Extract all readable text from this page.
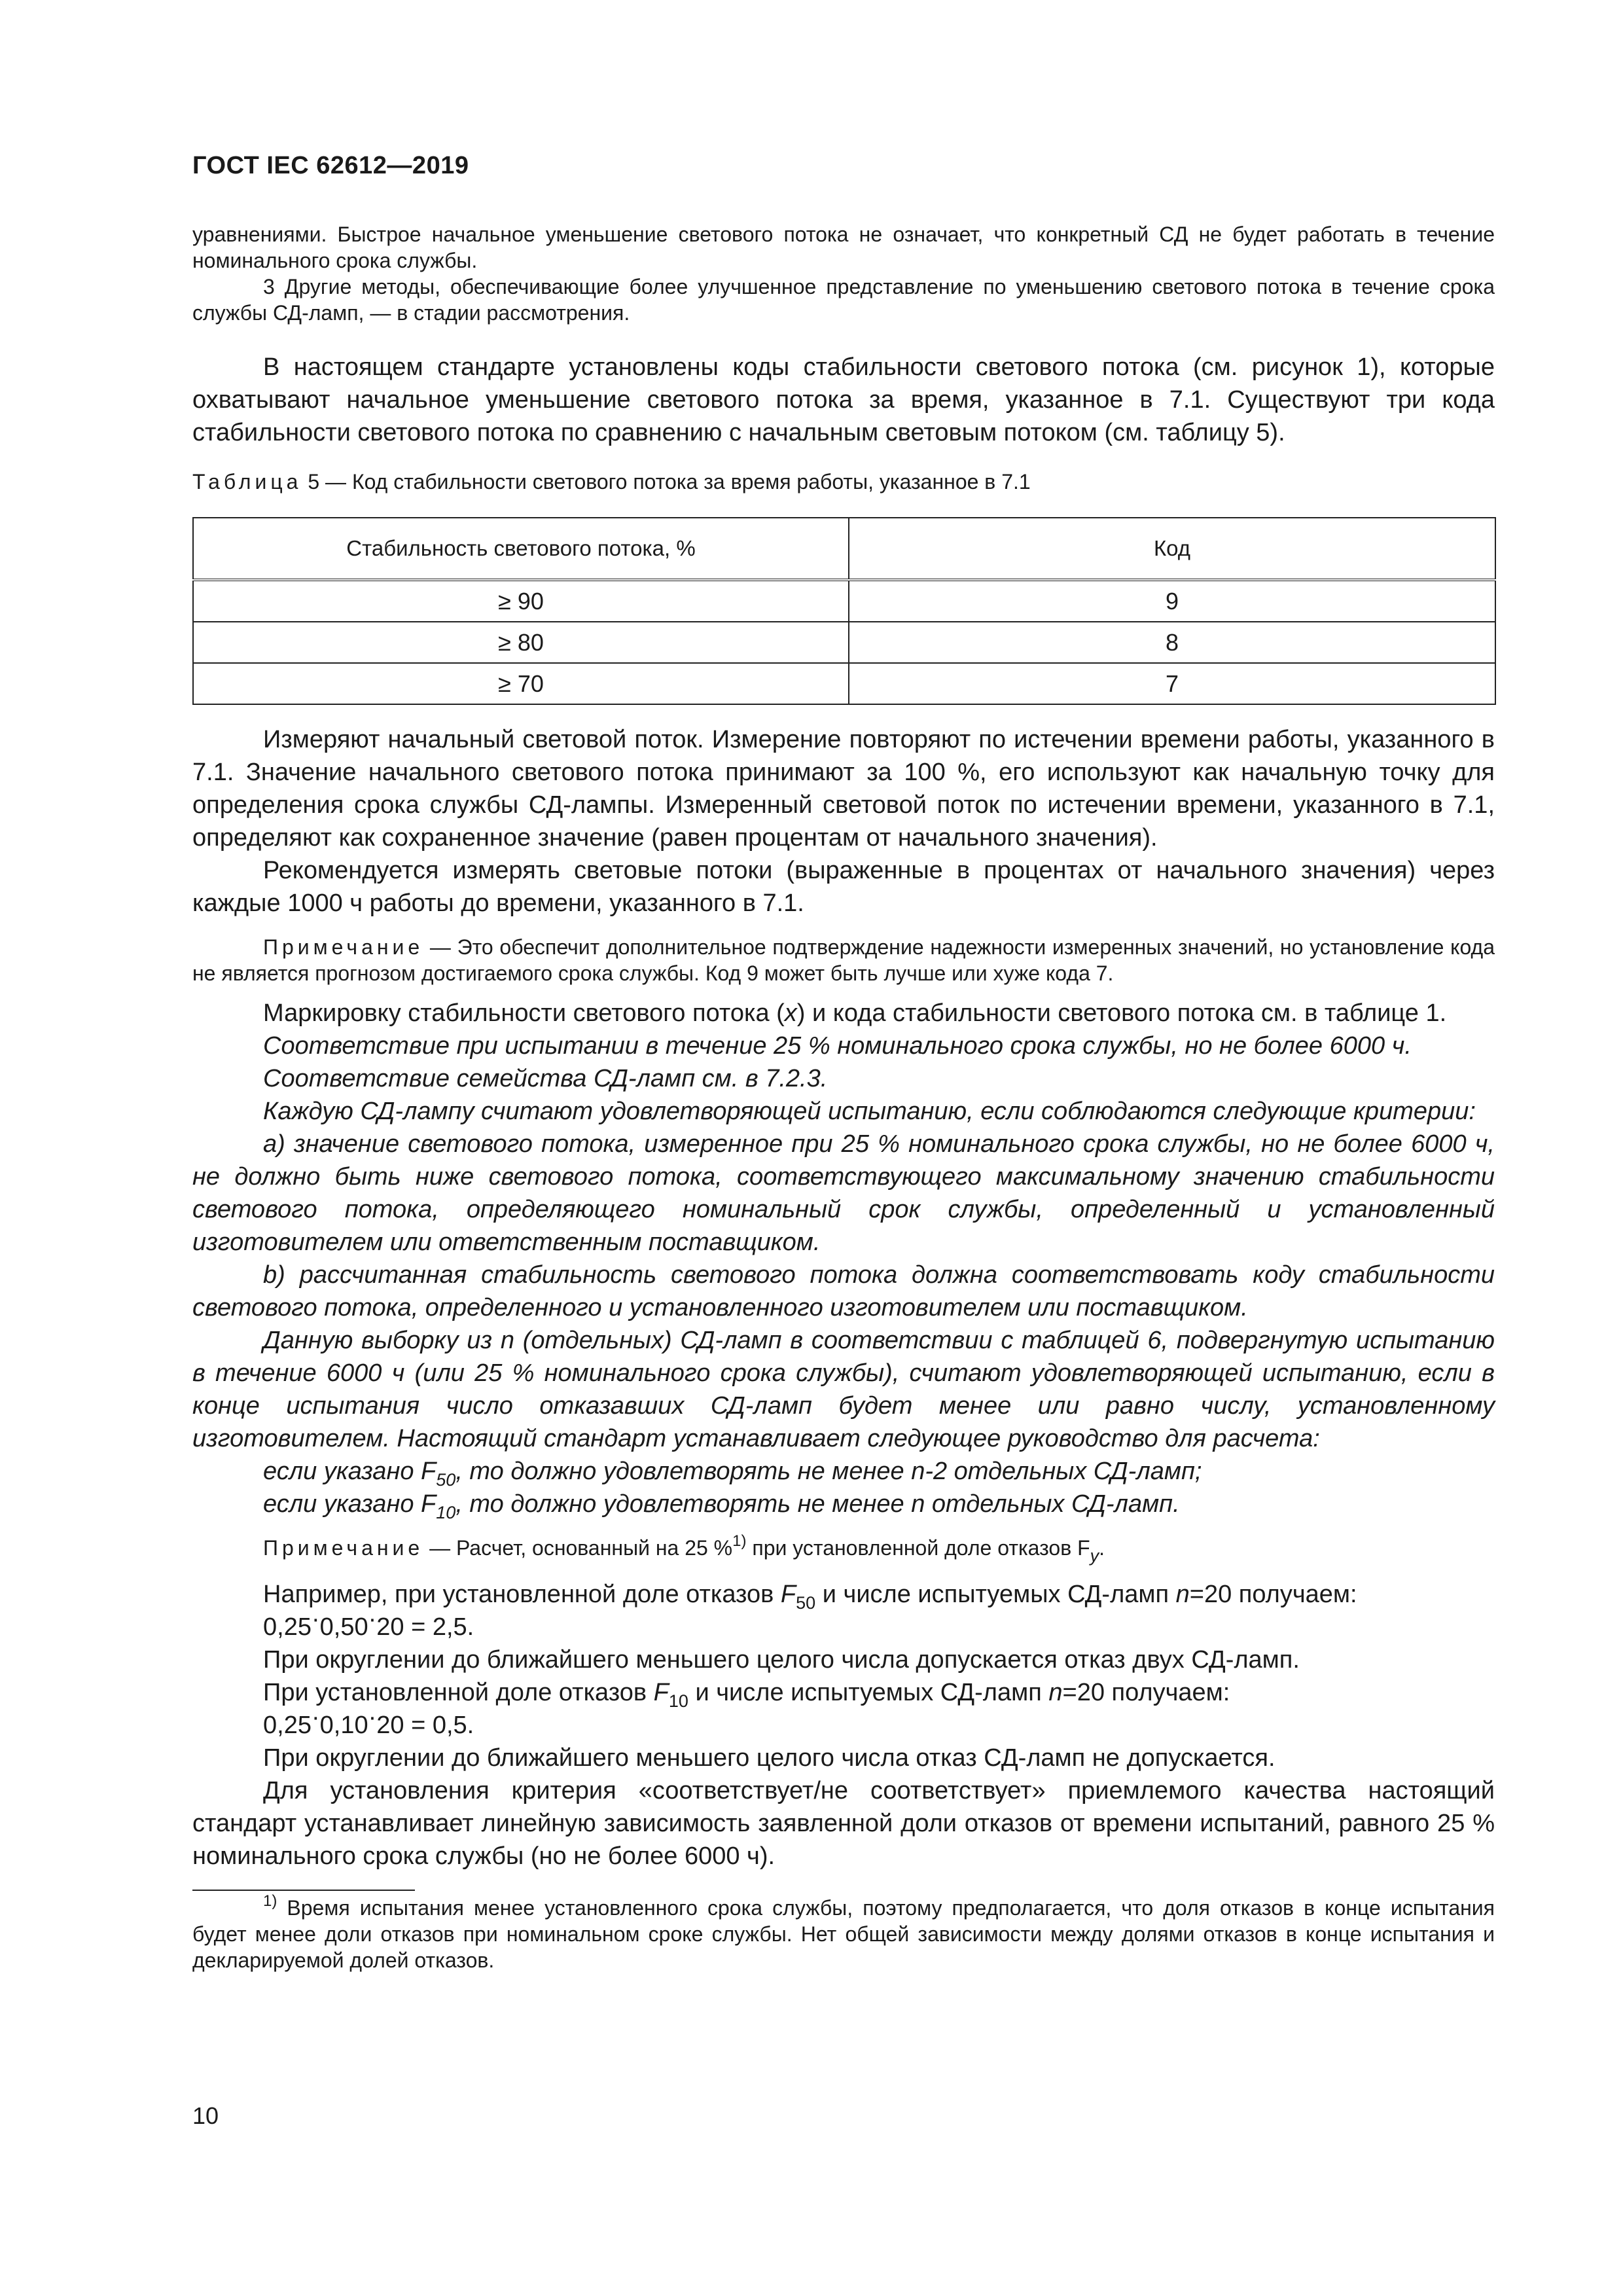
ГОСТ IEC 62612—2019

уравнениями. Быстрое начальное уменьшение светового потока не означает, что конкретный СД не будет работать в течение номинального срока службы.

3 Другие методы, обеспечивающие более улучшенное представление по уменьшению светового потока в течение срока службы СД-ламп, — в стадии рассмотрения.

В настоящем стандарте установлены коды стабильности светового потока (см. рисунок 1), которые охватывают начальное уменьшение светового потока за время, указанное в 7.1. Существуют три кода стабильности светового потока по сравнению с начальным световым потоком (см. таблицу 5).

Таблица 5 — Код стабильности светового потока за время работы, указанное в 7.1

Стабильность светового потока, %	Код
≥ 90	9
≥ 80	8
≥ 70	7

Измеряют начальный световой поток. Измерение повторяют по истечении времени работы, указанного в 7.1. Значение начального светового потока принимают за 100 %, его используют как начальную точку для определения срока службы СД-лампы. Измеренный световой поток по истечении времени, указанного в 7.1, определяют как сохраненное значение (равен процентам от начального значения).

Рекомендуется измерять световые потоки (выраженные в процентах от начального значения) через каждые 1000 ч работы до времени, указанного в 7.1.

Примечание — Это обеспечит дополнительное подтверждение надежности измеренных значений, но установление кода не является прогнозом достигаемого срока службы. Код 9 может быть лучше или хуже кода 7.

Маркировку стабильности светового потока (x) и кода стабильности светового потока см. в таблице 1.

Соответствие при испытании в течение 25 % номинального срока службы, но не более 6000 ч.

Соответствие семейства СД-ламп см. в 7.2.3.

Каждую СД-лампу считают удовлетворяющей испытанию, если соблюдаются следующие критерии:

a) значение светового потока, измеренное при 25 % номинального срока службы, но не более 6000 ч, не должно быть ниже светового потока, соответствующего максимальному значению стабильности светового потока, определяющего номинальный срок службы, определенный и установленный изготовителем или ответственным поставщиком.

b) рассчитанная стабильность светового потока должна соответствовать коду стабильности светового потока, определенного и установленного изготовителем или поставщиком.

Данную выборку из n (отдельных) СД-ламп в соответствии с таблицей 6, подвергнутую испытанию в течение 6000 ч (или 25 % номинального срока службы), считают удовлетворяющей испытанию, если в конце испытания число отказавших СД-ламп будет менее или равно числу, установленному изготовителем. Настоящий стандарт устанавливает следующее руководство для расчета:

если указано $F_{50}$, то должно удовлетворять не менее n-2 отдельных СД-ламп;

если указано $F_{10}$, то должно удовлетворять не менее n отдельных СД-ламп.

Примечание — Расчет, основанный на 25 %$^{1)}$ при установленной доле отказов $F_y$.

Например, при установленной доле отказов $F_{50}$ и числе испытуемых СД-ламп n=20 получаем:

0,25·0,50·20 = 2,5.

При округлении до ближайшего меньшего целого числа допускается отказ двух СД-ламп.

При установленной доле отказов $F_{10}$ и числе испытуемых СД-ламп n=20 получаем:

0,25·0,10·20 = 0,5.

При округлении до ближайшего меньшего целого числа отказ СД-ламп не допускается.

Для установления критерия «соответствует/не соответствует» приемлемого качества настоящий стандарт устанавливает линейную зависимость заявленной доли отказов от времени испытаний, равного 25 % номинального срока службы (но не более 6000 ч).

$^{1)}$ Время испытания менее установленного срока службы, поэтому предполагается, что доля отказов в конце испытания будет менее доли отказов при номинальном сроке службы. Нет общей зависимости между долями отказов в конце испытания и декларируемой долей отказов.

10
